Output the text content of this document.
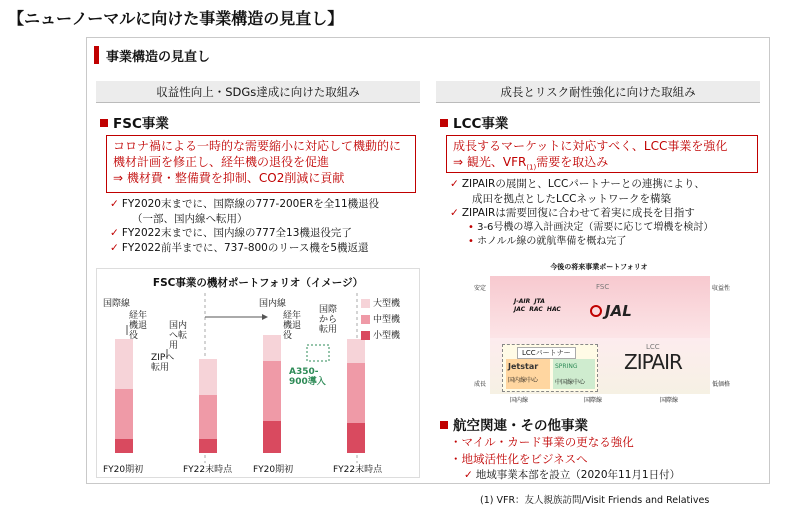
【ニューノーマルに向けた事業構造の見直し】
事業構造の見直し
収益性向上・SDGs達成に向けた取組み
FSC事業
コロナ禍による一時的な需要縮小に対応して機動的に
機材計画を修正し、経年機の退役を促進
⇒ 機材費・整備費を抑制、CO2削減に貢献
✓ FY2020末までに、国際線の777-200ERを全11機退役
（一部、国内線へ転用）
✓ FY2022末までに、国内線の777全13機退役完了
✓ FY2022前半までに、737-800のリース機を5機返還
FSC事業の機材ポートフォリオ（イメージ）
国際線	国内線	大型機
中型機
小型機
経年機退役
国内へ転用
ZIPへ転用
経年機退役
国際から転用
A350-900導入
FY20期初	FY22末時点 FY20期初	FY22末時点
成長とリスク耐性強化に向けた取組み
LCC事業
成長するマーケットに対応すべく、LCC事業を強化
⇒ 観光、$VFR_{(1)}$需要を取込み
✓ ZIPAIRの展開と、LCCパートナーとの連携により、
成田を拠点としたLCCネットワークを構築
✓ ZIPAIRは需要回復に合わせて着実に成長を目指す
• 3-6号機の導入計画決定（需要に応じて増機を検討）
• ホノルル線の就航準備を概ね完了
今後の将来事業ポートフォリオ
FSC
J-AIR  JTA
JAC  RAC  HAC	JAL
LCC
LCCパートナー
Jetstar
国内線中心
SPRING
中国線中心
ZIPAIR
安定
成長
収益性
低価格
国内線	国際線	国際線
航空関連・その他事業
・マイル・カード事業の更なる強化
・地域活性化をビジネスへ
✓ 地域事業本部を設立（2020年11月1日付）
(1) VFR：友人親族訪問/Visit Friends and Relatives
